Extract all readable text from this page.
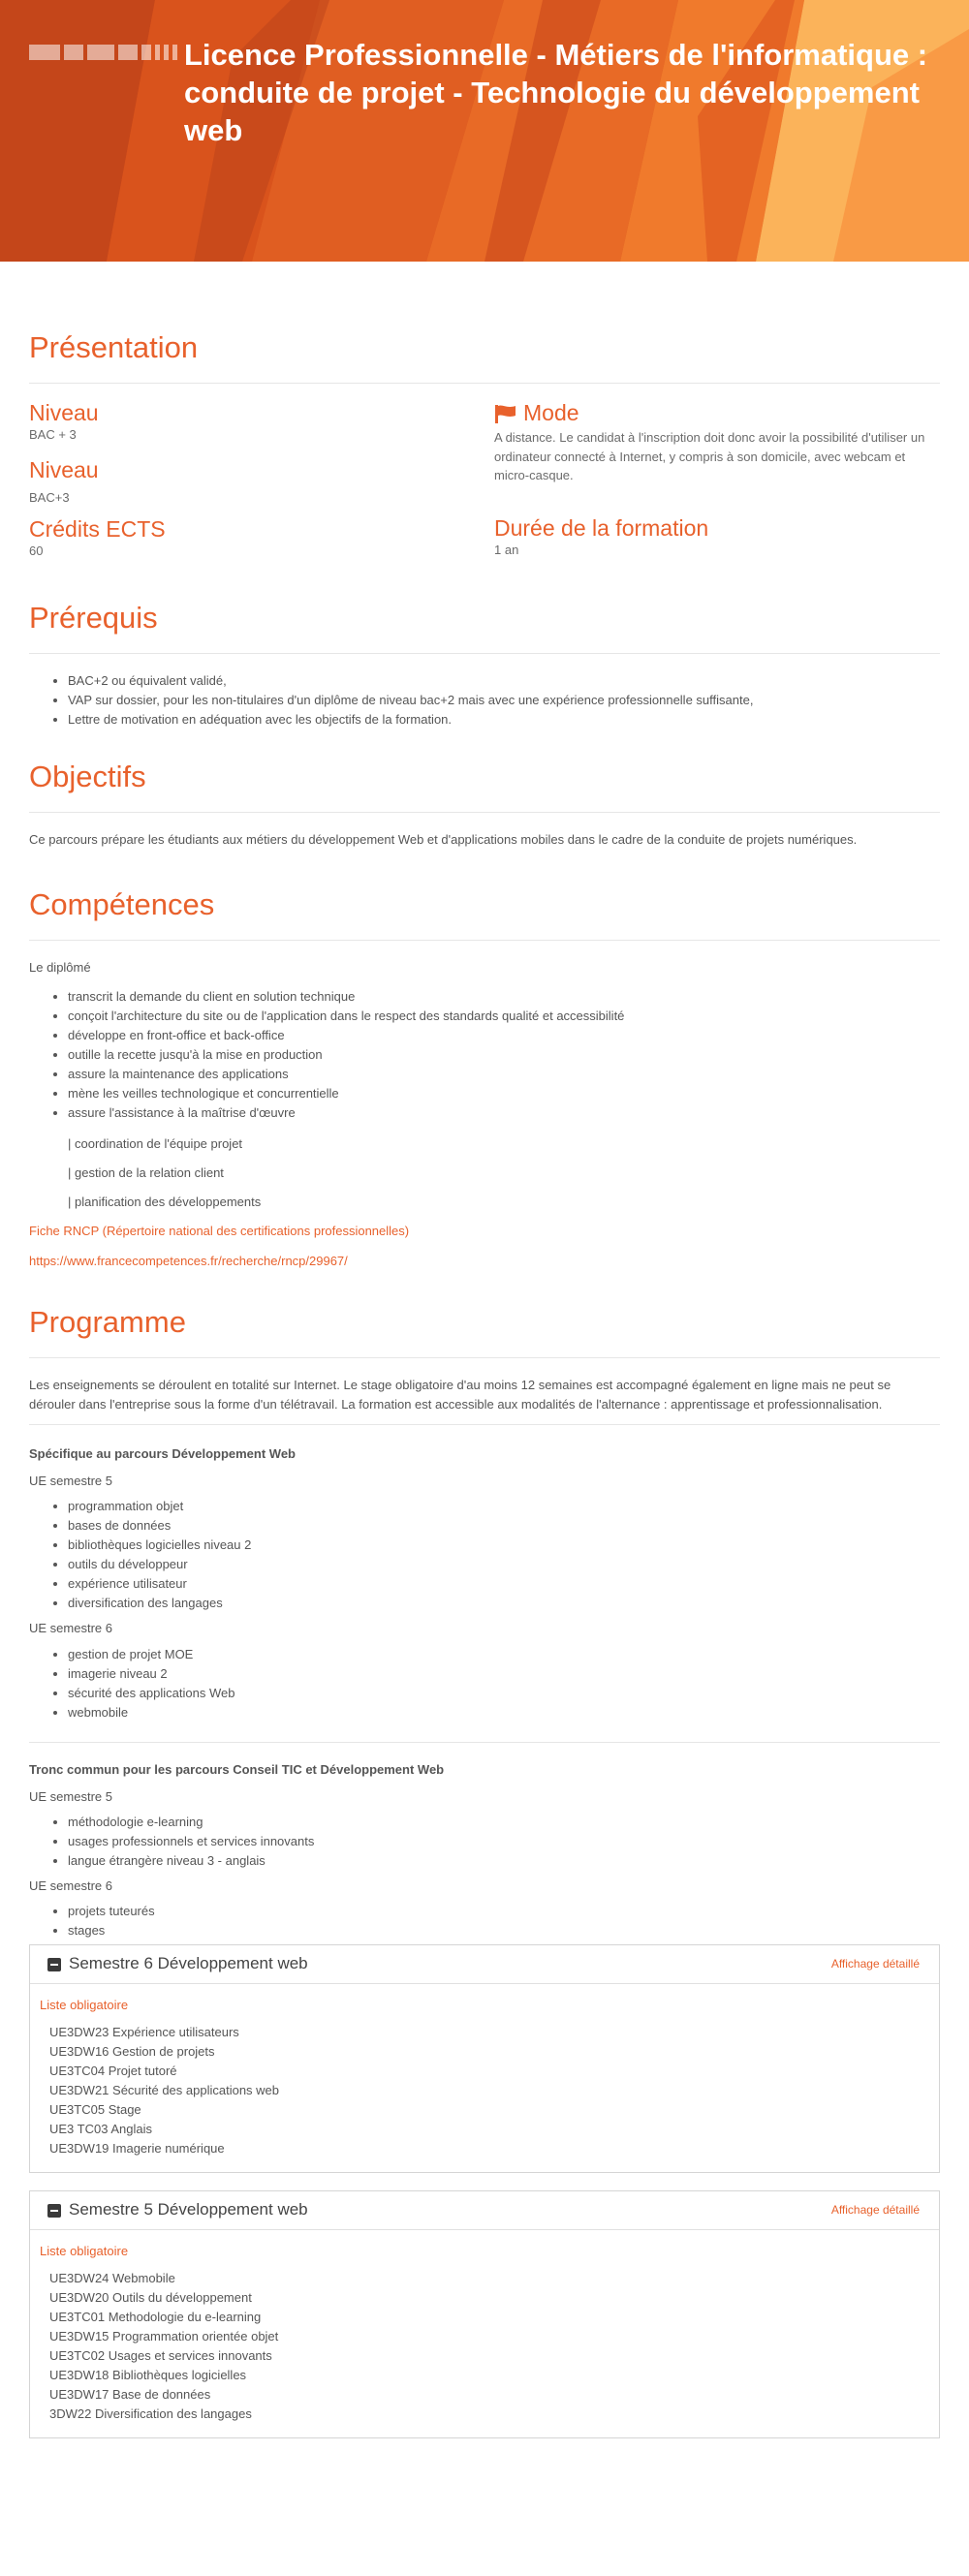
Licence Professionnelle - Métiers de l'informatique : conduite de projet - Technologie du développement web
Présentation
Niveau

BAC + 3

Niveau

BAC+3

Crédits ECTS

60

Mode

A distance. Le candidat à l'inscription doit donc avoir la possibilité d'utiliser un ordinateur connecté à Internet, y compris à son domicile, avec webcam et micro-casque.

Durée de la formation

1 an

Prérequis
• BAC+2 ou équivalent validé,
• VAP sur dossier, pour les non-titulaires d'un diplôme de niveau bac+2 mais avec une expérience professionnelle suffisante,
• Lettre de motivation en adéquation avec les objectifs de la formation.
Objectifs

Ce parcours prépare les étudiants aux métiers du développement Web et d'applications mobiles dans le cadre de la conduite de projets numériques.

Compétences

Le diplômé

• transcrit la demande du client en solution technique
• conçoit l'architecture du site ou de l'application dans le respect des standards qualité et accessibilité
• développe en front-office et back-office
• outille la recette jusqu'à la mise en production
• assure la maintenance des applications
• mène les veilles technologique et concurrentielle
• assure l'assistance à la maîtrise d'œuvre
| coordination de l'équipe projet
| gestion de la relation client
| planification des développements
Fiche RNCP (Répertoire national des certifications professionnelles)
https://www.francecompetences.fr/recherche/rncp/29967/
Programme

Les enseignements se déroulent en totalité sur Internet. Le stage obligatoire d'au moins 12 semaines est accompagné également en ligne mais ne peut se dérouler dans l'entreprise sous la forme d'un télétravail. La formation est accessible aux modalités de l'alternance : apprentissage et professionnalisation.

Spécifique au parcours Développement Web
UE semestre 5
• programmation objet
• bases de données
• bibliothèques logicielles niveau 2
• outils du développeur
• expérience utilisateur
• diversification des langages
UE semestre 6
• gestion de projet MOE
• imagerie niveau 2
• sécurité des applications Web
• webmobile
Tronc commun pour les parcours Conseil TIC et Développement Web
UE semestre 5
• méthodologie e-learning
• usages professionnels et services innovants
• langue étrangère niveau 3 - anglais
UE semestre 6
• projets tuteurés
• stages
Semestre 6 Développement web	Affichage détaillé
Liste obligatoire
UE3DW23 Expérience utilisateurs
UE3DW16 Gestion de projets
UE3TC04 Projet tutoré
UE3DW21 Sécurité des applications web
UE3TC05 Stage
UE3 TC03 Anglais
UE3DW19 Imagerie numérique
Semestre 5 Développement web	Affichage détaillé
Liste obligatoire
UE3DW24 Webmobile
UE3DW20 Outils du développement
UE3TC01 Methodologie du e-learning
UE3DW15 Programmation orientée objet
UE3TC02 Usages et services innovants
UE3DW18 Bibliothèques logicielles
UE3DW17 Base de données
3DW22 Diversification des langages
